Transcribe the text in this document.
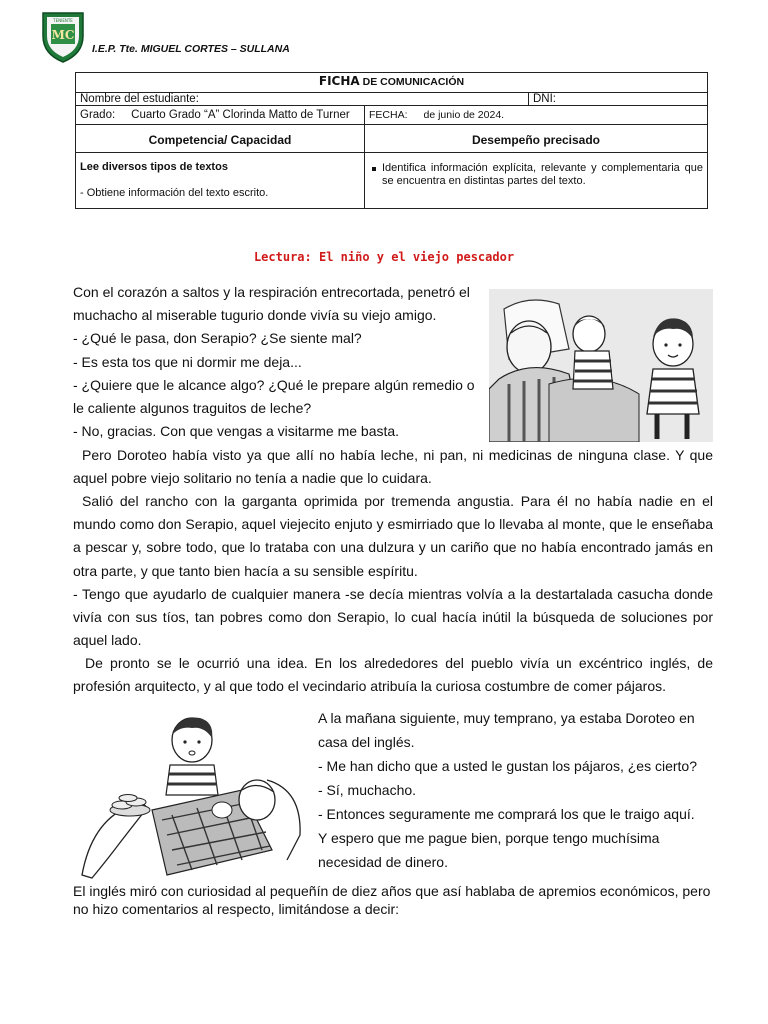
MC
TENIENTE
I.E.P. Tte. MIGUEL CORTES – SULLANA
FICHA DE COMUNICACIÓN		
Nombre del estudiante:		DNI:
Grado: Cuarto Grado “A” Clorinda Matto de Turner	FECHA: de junio de 2024.	
Competencia/ Capacidad	Desempeño precisado	

Lee diversos tipos de textos
- Obtiene información del texto escrito.	Identifica información explícita, relevante y complementaria que se encuentra en distintas partes del texto.	
Lectura: El niño y el viejo pescador
Con el corazón a saltos y la respiración entrecortada, penetró el
muchacho al miserable tugurio donde vivía su viejo amigo.
- ¿Qué le pasa, don Serapio? ¿Se siente mal?
- Es esta tos que ni dormir me deja...
- ¿Quiere que le alcance algo? ¿Qué le prepare algún remedio o
le caliente algunos traguitos de leche?
- No, gracias. Con que vengas a visitarme me basta.
Pero Doroteo había visto ya que allí no había leche, ni pan, ni medicinas de ninguna clase. Y que aquel pobre viejo solitario no tenía a nadie que lo cuidara.
Salió del rancho con la garganta oprimida por tremenda angustia. Para él no había nadie en el mundo como don Serapio, aquel viejecito enjuto y esmirriado que lo llevaba al monte, que le enseñaba a pescar y, sobre todo, que lo trataba con una dulzura y un cariño que no había encontrado jamás en otra parte, y que tanto bien hacía a su sensible espíritu.
- Tengo que ayudarlo de cualquier manera -se decía mientras volvía a la destartalada casucha donde vivía con sus tíos, tan pobres como don Serapio, lo cual hacía inútil la búsqueda de soluciones por aquel lado.
De pronto se le ocurrió una idea. En los alrededores del pueblo vivía un excéntrico inglés, de profesión arquitecto, y al que todo el vecindario atribuía la curiosa costumbre de comer pájaros.
A la mañana siguiente, muy temprano, ya estaba Doroteo en
casa del inglés.
- Me han dicho que a usted le gustan los pájaros, ¿es cierto?
- Sí, muchacho.
- Entonces seguramente me comprará los que le traigo aquí.
Y espero que me pague bien, porque tengo muchísima
necesidad de dinero.
El inglés miró con curiosidad al pequeñín de diez años que así hablaba de apremios económicos, pero no hizo comentarios al respecto, limitándose a decir:
